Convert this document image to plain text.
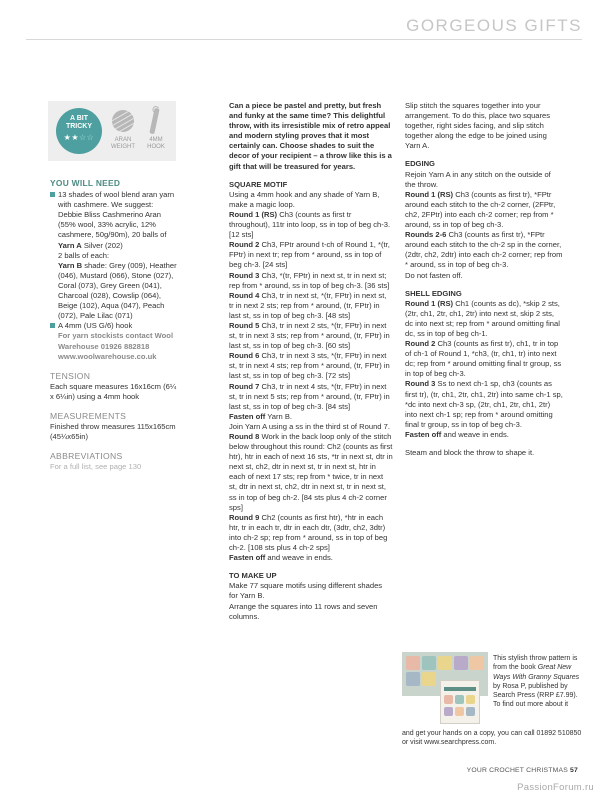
GORGEOUS GIFTS
A BIT
TRICKY
★★☆☆	ARAN
WEIGHT
4MM
HOOK
YOU WILL NEED
13 shades of wool blend aran yarn with cashmere. We suggest: Debbie Bliss Cashmerino Aran (55% wool, 33% acrylic, 12% cashmere, 50g/90m), 20 balls of Yarn A Silver (202)
2 balls of each:
Yarn B shade: Grey (009), Heather (046), Mustard (066), Stone (027), Coral (073), Grey Green (041), Charcoal (028), Cowslip (064), Beige (102), Aqua (047), Peach (072), Pale Lilac (071)
A 4mm (US G/6) hook
For yarn stockists contact Wool Warehouse 01926 882818 www.woolwarehouse.co.uk
TENSION
Each square measures 16x16cm (6¼ x 6¼in) using a 4mm hook
MEASUREMENTS
Finished throw measures 115x165cm (45¼x65in)
ABBREVIATIONS
For a full list, see page 130
Can a piece be pastel and pretty, but fresh and funky at the same time? This delightful throw, with its irresistible mix of retro appeal and modern styling proves that it most certainly can. Choose shades to suit the decor of your recipient – a throw like this is a gift that will be treasured for years.
SQUARE MOTIF
Using a 4mm hook and any shade of Yarn B, make a magic loop.
Round 1 (RS) Ch3 (counts as first tr throughout), 11tr into loop, ss in top of beg ch-3. [12 sts]
Round 2 Ch3, FPtr around t-ch of Round 1, *(tr, FPtr) in next tr; rep from * around, ss in top of beg ch-3. [24 sts]
Round 3 Ch3, *(tr, FPtr) in next st, tr in next st; rep from * around, ss in top of beg ch-3. [36 sts]
Round 4 Ch3, tr in next st, *(tr, FPtr) in next st, tr in next 2 sts; rep from * around, (tr, FPtr) in last st, ss in top of beg ch-3. [48 sts]
Round 5 Ch3, tr in next 2 sts, *(tr, FPtr) in next st, tr in next 3 sts; rep from * around, (tr, FPtr) in last st, ss in top of beg ch-3. [60 sts]
Round 6 Ch3, tr in next 3 sts, *(tr, FPtr) in next st, tr in next 4 sts; rep from * around, (tr, FPtr) in last st, ss in top of beg ch-3. [72 sts]
Round 7 Ch3, tr in next 4 sts, *(tr, FPtr) in next st, tr in next 5 sts; rep from * around, (tr, FPtr) in last st, ss in top of beg ch-3. [84 sts]
Fasten off Yarn B.
Join Yarn A using a ss in the third st of Round 7.
Round 8 Work in the back loop only of the stitch below throughout this round: Ch2 (counts as first htr), htr in each of next 16 sts, *tr in next st, dtr in next st, ch2, dtr in next st, tr in next st, htr in each of next 17 sts; rep from * twice, tr in next st, dtr in next st, ch2, dtr in next st, tr in next st, ss in top of beg ch-2. [84 sts plus 4 ch-2 corner sps]
Round 9 Ch2 (counts as first htr), *htr in each htr, tr in each tr, dtr in each dtr, (3dtr, ch2, 3dtr) into ch-2 sp; rep from * around, ss in top of beg ch-2. [108 sts plus 4 ch-2 sps]
Fasten off and weave in ends.
TO MAKE UP
Make 77 square motifs using different shades for Yarn B.
Arrange the squares into 11 rows and seven columns.
Slip stitch the squares together into your arrangement. To do this, place two squares together, right sides facing, and slip stitch together along the edge to be joined using Yarn A.
EDGING
Rejoin Yarn A in any stitch on the outside of the throw.
Round 1 (RS) Ch3 (counts as first tr), *FPtr around each stitch to the ch-2 corner, (2FPtr, ch2, 2FPtr) into each ch-2 corner; rep from * around, ss in top of beg ch-3.
Rounds 2-6 Ch3 (counts as first tr), *FPtr around each stitch to the ch-2 sp in the corner, (2dtr, ch2, 2dtr) into each ch-2 corner; rep from * around, ss in top of beg ch-3.
Do not fasten off.
SHELL EDGING
Round 1 (RS) Ch1 (counts as dc), *skip 2 sts, (2tr, ch1, 2tr, ch1, 2tr) into next st, skip 2 sts, dc into next st; rep from * around omitting final dc, ss in top of beg ch-1.
Round 2 Ch3 (counts as first tr), ch1, tr in top of ch-1 of Round 1, *ch3, (tr, ch1, tr) into next dc; rep from * around omitting final tr group, ss in top of beg ch-3.
Round 3 Ss to next ch-1 sp, ch3 (counts as first tr), (tr, ch1, 2tr, ch1, 2tr) into same ch-1 sp, *dc into next ch-3 sp, (2tr, ch1, 2tr, ch1, 2tr) into next ch-1 sp; rep from * around omitting final tr group, ss in top of beg ch-3.
Fasten off and weave in ends.
Steam and block the throw to shape it.
This stylish throw pattern is from the book Great New Ways With Granny Squares by Rosa P, published by Search Press (RRP £7.99). To find out more about it
and get your hands on a copy, you can call 01892 510850 or visit www.searchpress.com.
YOUR CROCHET CHRISTMAS 57
PassionForum.ru
